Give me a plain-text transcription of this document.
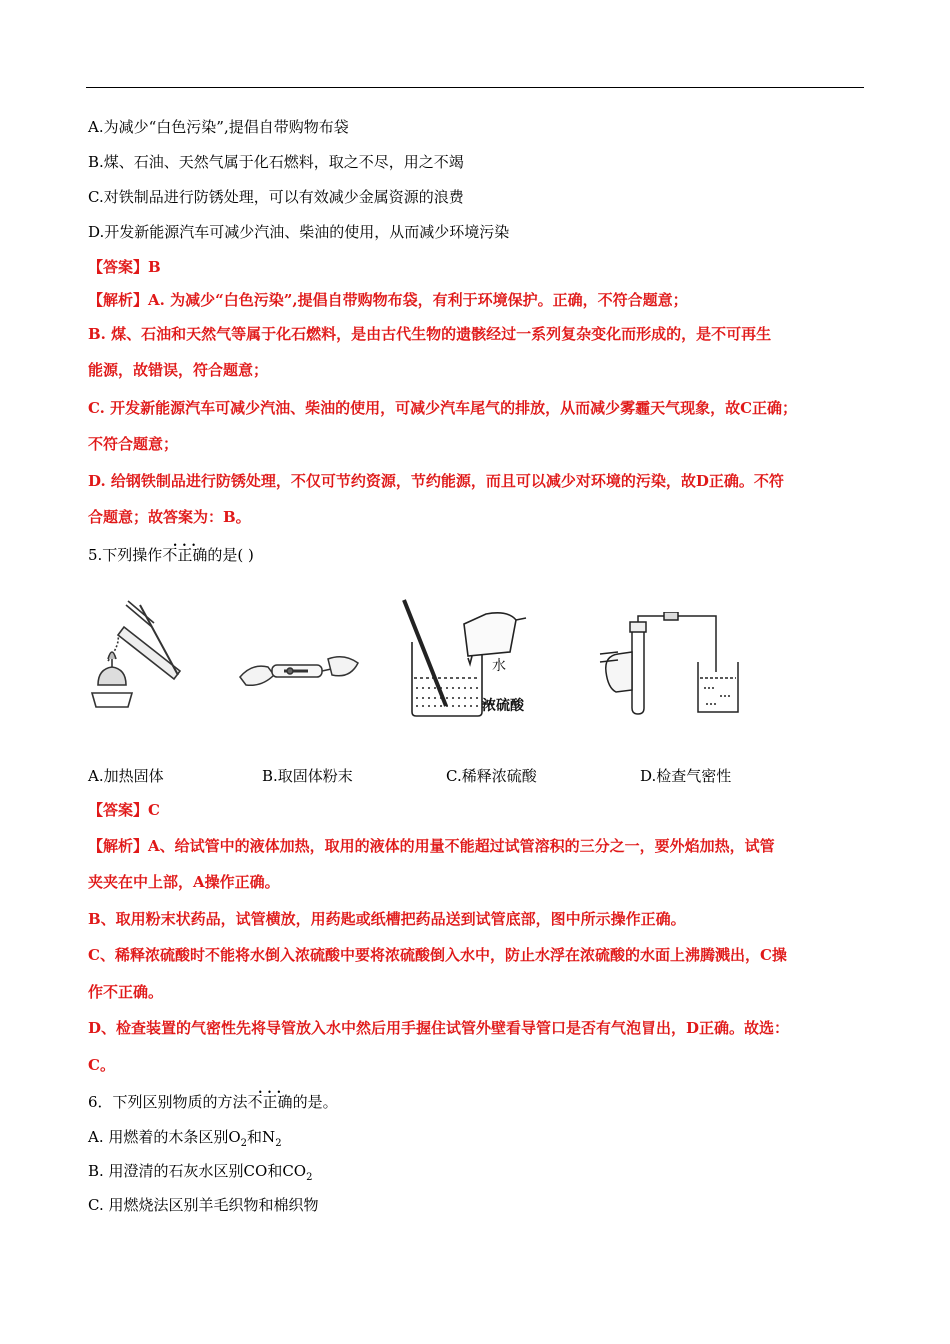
A.为减少“白色污染”,提倡自带购物布袋
B.煤、石油、天然气属于化石燃料，取之不尽，用之不竭
C.对铁制品进行防锈处理，可以有效减少金属资源的浪费
D.开发新能源汽车可减少汽油、柴油的使用，从而减少环境污染
【答案】B
【解析】A. 为减少“白色污染”,提倡自带购物布袋，有利于环境保护。正确，不符合题意；
B. 煤、石油和天然气等属于化石燃料，是由古代生物的遗骸经过一系列复杂变化而形成的，是不可再生
能源，故错误，符合题意；
C. 开发新能源汽车可减少汽油、柴油的使用，可减少汽车尾气的排放，从而减少雾霾天气现象，故C正确；
不符合题意；
D. 给钢铁制品进行防锈处理，不仅可节约资源，节约能源，而且可以减少对环境的污染，故D正确。不符
合题意；故答案为：B。
5.下列操作• • • 不正确的是( )
水
浓硫酸
A.加热固体	B.取固体粉末	C.稀释浓硫酸	D.检查气密性
【答案】C
【解析】A、给试管中的液体加热，取用的液体的用量不能超过试管溶积的三分之一，要外焰加热，试管
夹夹在中上部，A操作正确。
B、取用粉末状药品，试管横放，用药匙或纸槽把药品送到试管底部，图中所示操作正确。
C、稀释浓硫酸时不能将水倒入浓硫酸中要将浓硫酸倒入水中，防止水浮在浓硫酸的水面上沸腾溅出，C操
作不正确。
D、检查装置的气密性先将导管放入水中然后用手握住试管外壁看导管口是否有气泡冒出，D正确。故选：
C。
6．下列区别物质的方法• • • 不正确的是。
A. 用燃着的木条区别$O_2$和$N_2$
B. 用澄清的石灰水区别CO和$CO_2$
C. 用燃烧法区别羊毛织物和棉织物
